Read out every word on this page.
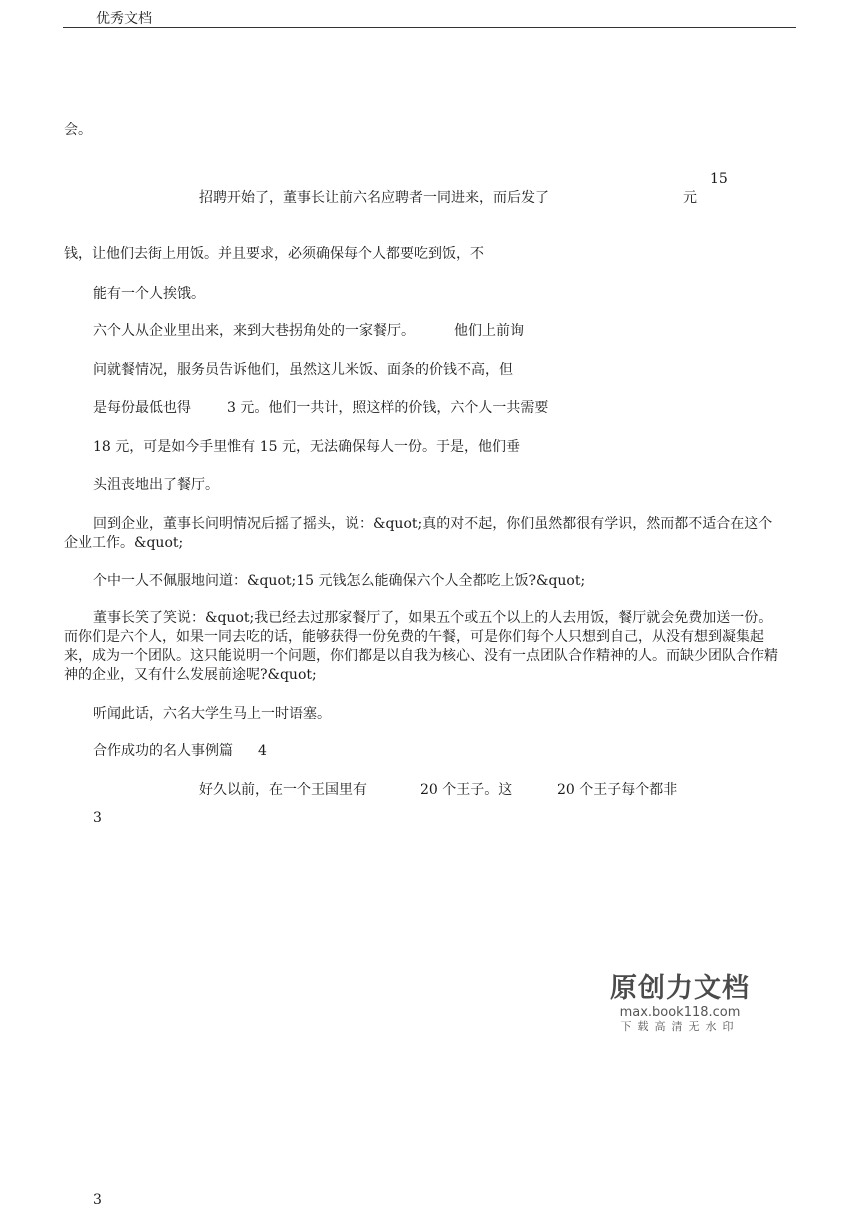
优秀文档
会。
15
招聘开始了，董事长让前六名应聘者一同进来，而后发了	元
钱，让他们去街上用饭。并且要求，必须确保每个人都要吃到饭，不
能有一个人挨饿。
六个人从企业里出来，来到大巷拐角处的一家餐厅。	他们上前询
问就餐情况，服务员告诉他们，虽然这儿米饭、面条的价钱不高，但
是每份最低也得	3 元。他们一共计，照这样的价钱，六个人一共需要
18 元，可是如今手里惟有 15 元，无法确保每人一份。于是，他们垂
头沮丧地出了餐厅。
回到企业，董事长问明情况后摇了摇头，说：&quot;真的对不起，你们虽然都很有学识，然而都不适合在这个企业工作。&quot;
个中一人不佩服地问道：&quot;15 元钱怎么能确保六个人全都吃上饭?&quot;
董事长笑了笑说：&quot;我已经去过那家餐厅了，如果五个或五个以上的人去用饭，餐厅就会免费加送一份。而你们是六个人，如果一同去吃的话，能够获得一份免费的午餐，可是你们每个人只想到自己，从没有想到凝集起来，成为一个团队。这只能说明一个问题，你们都是以自我为核心、没有一点团队合作精神的人。而缺少团队合作精神的企业，又有什么发展前途呢?&quot;
听闻此话，六名大学生马上一时语塞。
合作成功的名人事例篇 4
好久以前，在一个王国里有	20 个王子。这	20 个王子每个都非
3
原创力文档
max.book118.com
下载高清无水印
3
